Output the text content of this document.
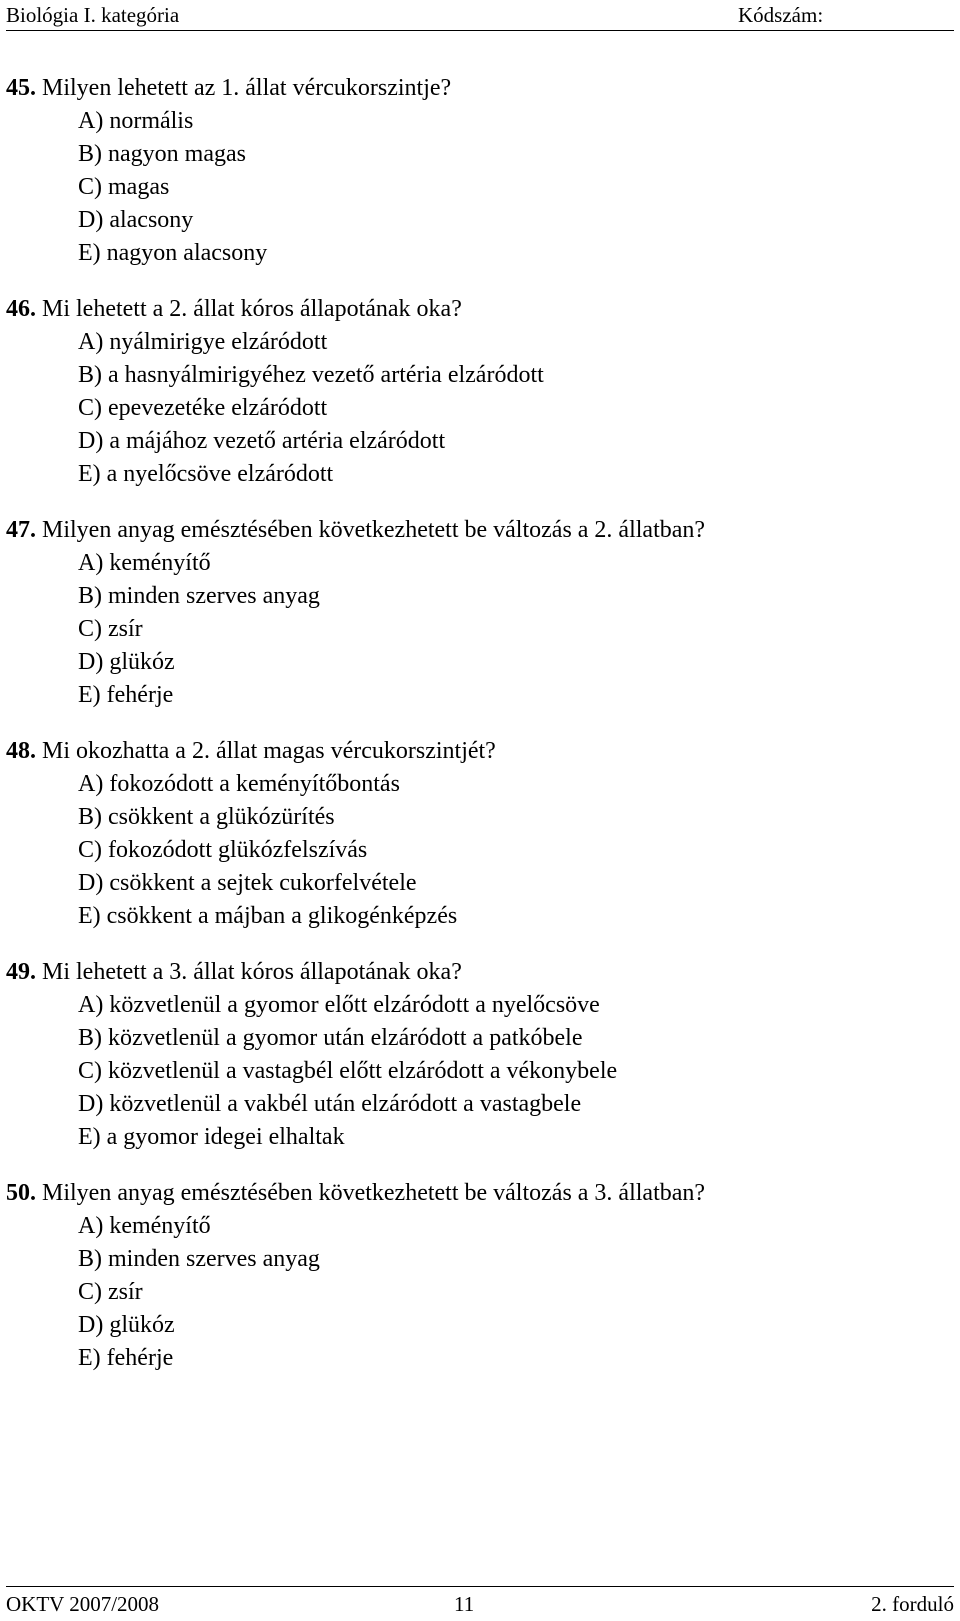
Biológia I. kategória	Kódszám:
45. Milyen lehetett az 1. állat vércukorszintje?
A) normális
B) nagyon magas
C) magas
D) alacsony
E) nagyon alacsony
46. Mi lehetett a 2. állat kóros állapotának oka?
A) nyálmirigye elzáródott
B) a hasnyálmirigyéhez vezető artéria elzáródott
C) epevezetéke elzáródott
D) a májához vezető artéria elzáródott
E) a nyelőcsöve elzáródott
47. Milyen anyag emésztésében következhetett be változás a 2. állatban?
A) keményítő
B) minden szerves anyag
C) zsír
D) glükóz
E) fehérje
48. Mi okozhatta a 2. állat magas vércukorszintjét?
A) fokozódott a keményítőbontás
B) csökkent a glükózürítés
C) fokozódott glükózfelszívás
D) csökkent a sejtek cukorfelvétele
E) csökkent a májban a glikogénképzés
49. Mi lehetett a 3. állat kóros állapotának oka?
A) közvetlenül a gyomor előtt elzáródott a nyelőcsöve
B) közvetlenül a gyomor után elzáródott a patkóbele
C) közvetlenül a vastagbél előtt elzáródott a vékonybele
D) közvetlenül a vakbél után elzáródott a vastagbele
E) a gyomor idegei elhaltak
50. Milyen anyag emésztésében következhetett be változás a 3. állatban?
A) keményítő
B) minden szerves anyag
C) zsír
D) glükóz
E) fehérje
OKTV 2007/2008	11	2. forduló
